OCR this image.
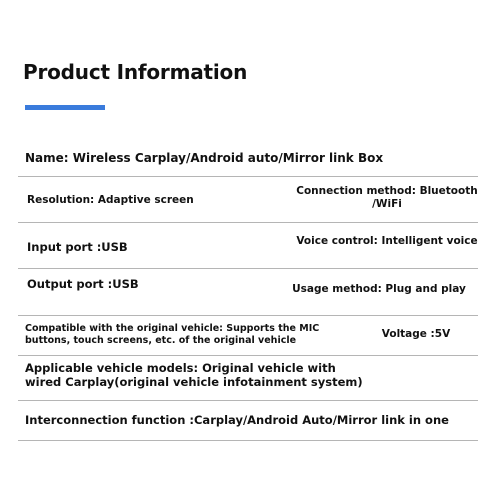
Product Information
Name: Wireless Carplay/Android auto/Mirror link Box
Resolution: Adaptive screen
Connection method: Bluetooth /WiFi
Input port :USB	Voice control: Intelligent voice
Output port :USB	Usage method: Plug and play
Compatible with the original vehicle: Supports the MIC buttons, touch screens, etc. of the original vehicle
Voltage :5V
Applicable vehicle models: Original vehicle with wired Carplay(original vehicle infotainment system)
Interconnection function :Carplay/Android Auto/Mirror link in one
